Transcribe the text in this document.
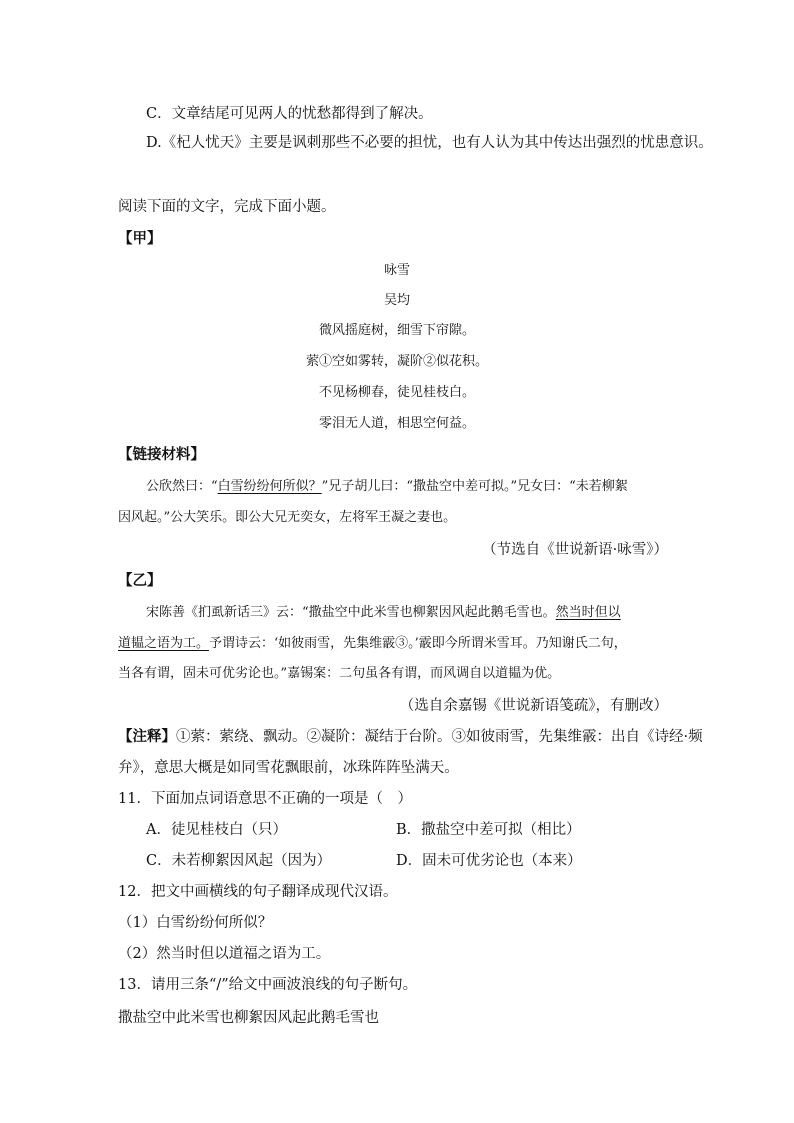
C．文章结尾可见两人的忧愁都得到了解决。
D.《杞人忧天》主要是讽刺那些不必要的担忧，也有人认为其中传达出强烈的忧患意识。
阅读下面的文字，完成下面小题。
【甲】
咏雪
吴均
微风摇庭树，细雪下帘隙。
萦①空如雾转，凝阶②似花积。
不见杨柳春，徒见桂枝白。
零泪无人道，相思空何益。
【链接材料】
公欣然曰：“白雪纷纷何所似？”兄子胡儿曰：“撒盐空中差可拟。”兄女曰：“未若柳絮
因风起。”公大笑乐。即公大兄无奕女，左将军王凝之妻也。
（节选自《世说新语·咏雪》）
【乙】
宋陈善《扪虱新话三》云：“撒盐空中此米雪也柳絮因风起此鹅毛雪也。然当时但以
道韫之语为工。予谓诗云：‘如彼雨雪，先集维霰③。’霰即今所谓米雪耳。乃知谢氏二句，
当各有谓，固未可优劣论也。”嘉锡案：二句虽各有谓，而风调自以道韫为优。
（选自余嘉锡《世说新语笺疏》，有删改）
【注释】①萦：萦绕、飘动。②凝阶：凝结于台阶。③如彼雨雪，先集维霰：出自《诗经·频
弁》，意思大概是如同雪花飘眼前，冰珠阵阵坠满天。
11．下面加点词语意思不正确的一项是（　）
A．徒见桂枝白（只）	B．撒盐空中差可拟（相比）
C．未若柳絮因风起（因为）	D．固未可优劣论也（本来）
12．把文中画横线的句子翻译成现代汉语。
（1）白雪纷纷何所似？
（2）然当时但以道福之语为工。
13．请用三条“/”给文中画波浪线的句子断句。
撒盐空中此米雪也柳絮因风起此鹅毛雪也
